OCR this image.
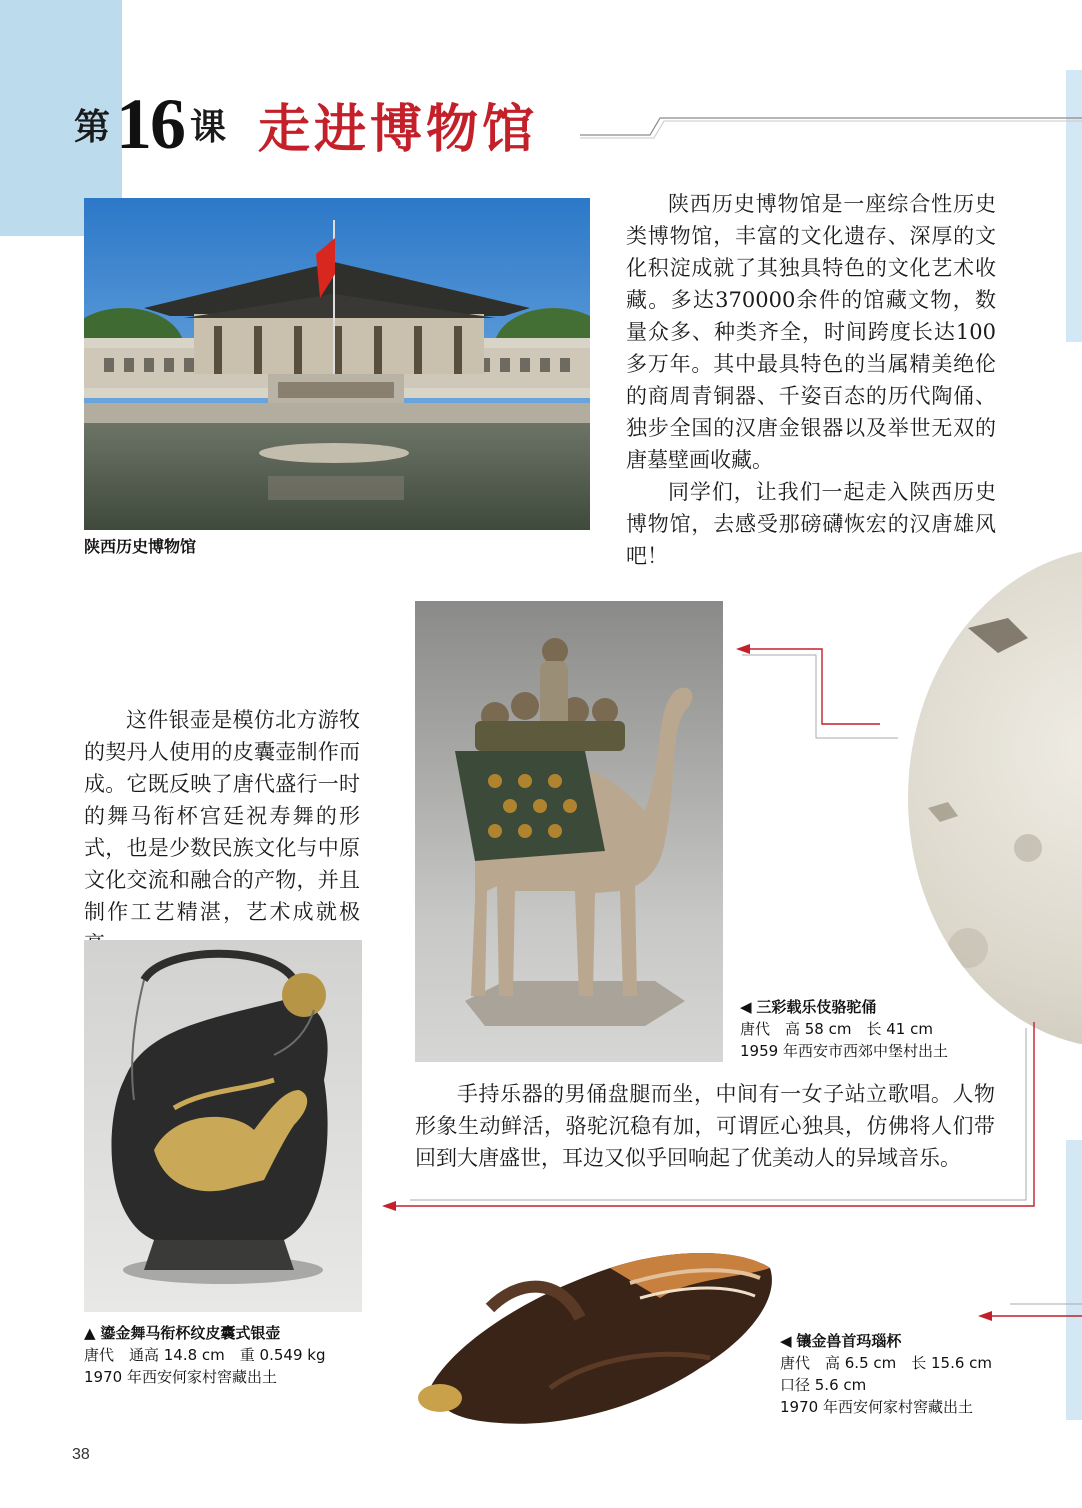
第 16 课 走进博物馆
陕西历史博物馆

陕西历史博物馆是一座综合性历史类博物馆，丰富的文化遗存、深厚的文化积淀成就了其独具特色的文化艺术收藏。多达370000余件的馆藏文物，数量众多、种类齐全，时间跨度长达100多万年。其中最具特色的当属精美绝伦的商周青铜器、千姿百态的历代陶俑、独步全国的汉唐金银器以及举世无双的唐墓壁画收藏。

同学们，让我们一起走入陕西历史博物馆，去感受那磅礴恢宏的汉唐雄风吧！

◀ 三彩载乐伎骆驼俑
唐代　高 58 cm　长 41 cm
1959 年西安市西郊中堡村出土

手持乐器的男俑盘腿而坐，中间有一女子站立歌唱。人物形象生动鲜活，骆驼沉稳有加，可谓匠心独具，仿佛将人们带回到大唐盛世，耳边又似乎回响起了优美动人的异域音乐。

这件银壶是模仿北方游牧的契丹人使用的皮囊壶制作而成。它既反映了唐代盛行一时的舞马衔杯宫廷祝寿舞的形式，也是少数民族文化与中原文化交流和融合的产物，并且制作工艺精湛，艺术成就极

▲ 鎏金舞马衔杯纹皮囊式银壶
唐代　通高 14.8 cm　重 0.549 kg
1970 年西安何家村窖藏出土
◀ 镶金兽首玛瑙杯
唐代　高 6.5 cm　长 15.6 cm
口径 5.6 cm
1970 年西安何家村窖藏出土
38
